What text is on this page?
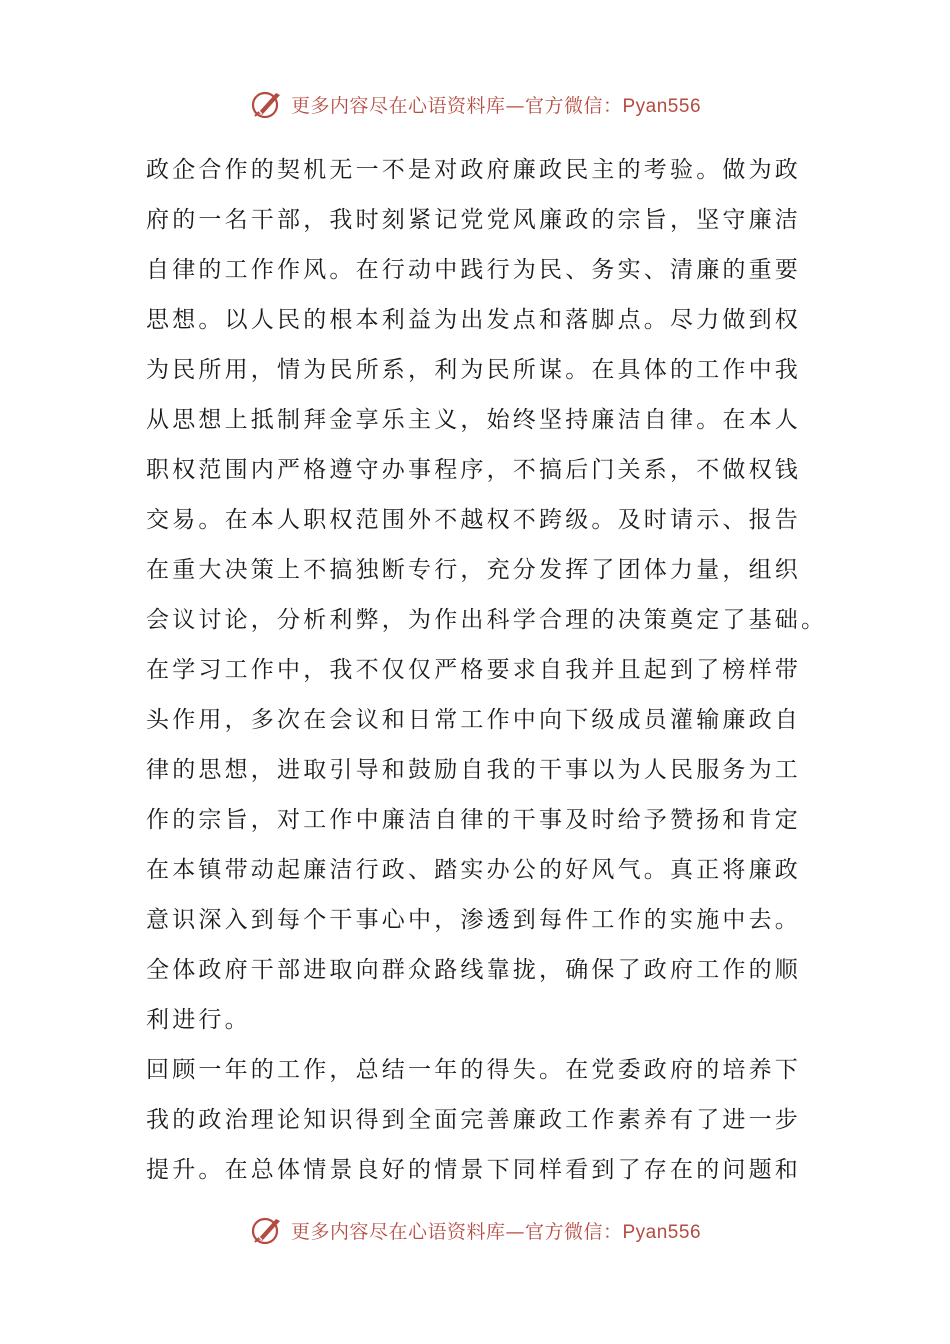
更多内容尽在心语资料库—官方微信：Pyan556
政企合作的契机无一不是对政府廉政民主的考验。做为政
府的一名干部，我时刻紧记党党风廉政的宗旨，坚守廉洁
自律的工作作风。在行动中践行为民、务实、清廉的重要
思想。以人民的根本利益为出发点和落脚点。尽力做到权
为民所用，情为民所系，利为民所谋。在具体的工作中我
从思想上抵制拜金享乐主义，始终坚持廉洁自律。在本人
职权范围内严格遵守办事程序，不搞后门关系，不做权钱
交易。在本人职权范围外不越权不跨级。及时请示、报告
在重大决策上不搞独断专行，充分发挥了团体力量，组织
会议讨论，分析利弊，为作出科学合理的决策奠定了基础。
在学习工作中，我不仅仅严格要求自我并且起到了榜样带
头作用，多次在会议和日常工作中向下级成员灌输廉政自
律的思想，进取引导和鼓励自我的干事以为人民服务为工
作的宗旨，对工作中廉洁自律的干事及时给予赞扬和肯定
在本镇带动起廉洁行政、踏实办公的好风气。真正将廉政
意识深入到每个干事心中，渗透到每件工作的实施中去。
全体政府干部进取向群众路线靠拢，确保了政府工作的顺
利进行。
回顾一年的工作，总结一年的得失。在党委政府的培养下
我的政治理论知识得到全面完善廉政工作素养有了进一步
提升。在总体情景良好的情景下同样看到了存在的问题和
更多内容尽在心语资料库—官方微信：Pyan556
